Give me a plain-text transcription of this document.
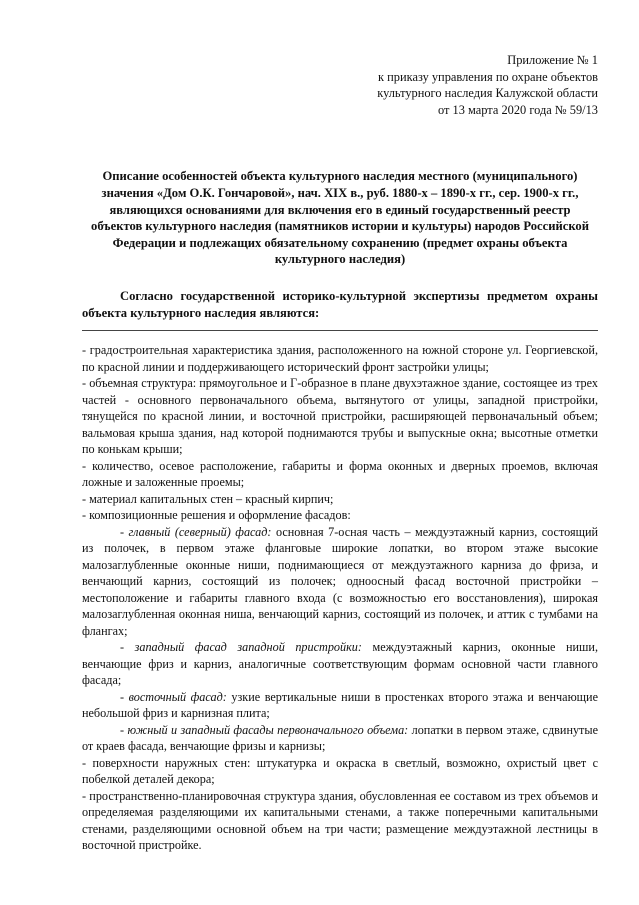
Приложение № 1
к приказу управления по охране объектов
культурного наследия Калужской области
от 13 марта 2020 года № 59/13
Описание особенностей объекта культурного наследия местного (муниципального) значения «Дом О.К. Гончаровой», нач. XIX в., руб. 1880-х – 1890-х гг., сер. 1900-х гг., являющихся основаниями для включения его в единый государственный реестр объектов культурного наследия (памятников истории и культуры) народов Российской Федерации и подлежащих обязательному сохранению (предмет охраны объекта культурного наследия)
Согласно государственной историко-культурной экспертизы предметом охраны объекта культурного наследия являются:

- градостроительная характеристика здания, расположенного на южной стороне ул. Георгиевской, по красной линии и поддерживающего исторический фронт застройки улицы;

- объемная структура: прямоугольное и Г-образное в плане двухэтажное здание, состоящее из трех частей - основного первоначального объема, вытянутого от улицы, западной пристройки, тянущейся по красной линии, и восточной пристройки, расширяющей первоначальный объем; вальмовая крыша здания, над которой поднимаются трубы и выпускные окна; высотные отметки по конькам крыши;

- количество, осевое расположение, габариты и форма оконных и дверных проемов, включая ложные и заложенные проемы;

- материал капитальных стен – красный кирпич;

- композиционные решения и оформление фасадов:

- главный (северный) фасад: основная 7-осная часть – междуэтажный карниз, состоящий из полочек, в первом этаже фланговые широкие лопатки, во втором этаже высокие малозаглубленные оконные ниши, поднимающиеся от междуэтажного карниза до фриза, и венчающий карниз, состоящий из полочек; одноосный фасад восточной пристройки – местоположение и габариты главного входа (с возможностью его восстановления), широкая малозаглубленная оконная ниша, венчающий карниз, состоящий из полочек, и аттик с тумбами на флангах;

- западный фасад западной пристройки: междуэтажный карниз, оконные ниши, венчающие фриз и карниз, аналогичные соответствующим формам основной части главного фасада;

- восточный фасад: узкие вертикальные ниши в простенках второго этажа и венчающие небольшой фриз и карнизная плита;

- южный и западный фасады первоначального объема: лопатки в первом этаже, сдвинутые от краев фасада, венчающие фризы и карнизы;

- поверхности наружных стен: штукатурка и окраска в светлый, возможно, охристый цвет с побелкой деталей декора;

- пространственно-планировочная структура здания, обусловленная ее составом из трех объемов и определяемая разделяющими их капитальными стенами, а также поперечными капитальными стенами, разделяющими основной объем на три части; размещение междуэтажной лестницы в восточной пристройке.
